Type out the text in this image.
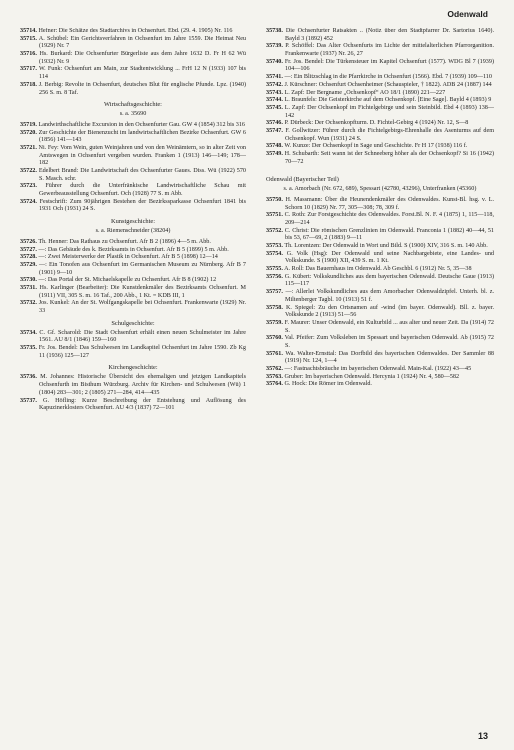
Odenwald

35714. Hefner: Die Schätze des Stadtarchivs in Ochsenfurt. Ebd. (29. 4. 1905) Nr. 116

35715. A. Schübel: Ein Gerichtsverfahren in Ochsenfurt im Jahre 1559. Die Heimat Neu (1929) Nr. 7

35716. Hs. Burkard: Die Ochsenfurter Bürgerliste aus dem Jahre 1632 D. Fr H 62 Wü (1932) Nr. 9

35717. W. Funk: Ochsenfurt am Main, zur Stadtentwicklung ... FrH 12 N (1933) 107 bis 114

35718. J. Berbig: Revolte in Ochsenfurt, deutsches Blut für englische Pfunde. Lpz. (1940) 256 S. m. 8 Taf.

Wirtschaftsgeschichte:
s. a. 35690

35719. Landwirthschaftliche Excursion in den Ochsenfurter Gau. GW 4 (1854) 312 bis 316

35720. Zur Geschichte der Bienenzucht im landwirtschaftlichen Bezirke Ochsenfurt. GW 6 (1856) 141—143

35721. Ni. Fey: Vom Wein, guten Weinjahren und von den Weinämtern, so in alter Zeit von Amtswegen in Ochsenfurt vergeben wurden. Franken 1 (1913) 146—149; 178—182

35722. Edelbert Brand: Die Landwirtschaft des Ochsenfurter Gaues. Diss. Wü (1922) 570 S. Masch. schr.

35723. Führer durch die Unterfränkische Landwirtschaftliche Schau mit Gewerbeausstellung Ochsenfurt. Och (1928) 77 S. m Abb.

35724. Festschrift: Zum 90jährigen Bestehen der Bezirkssparkasse Ochsenfurt 1841 bis 1931 Och (1931) 24 S.

Kunstgeschichte:
s. a. Riemenschneider (38204)

35726. Th. Henner: Das Rathaus zu Ochsenfurt. Afr B 2 (1896) 4—5 m. Abb.

35727. —: Das Gebäude des k. Bezirksamts in Ochsenfurt. Afr B 5 (1899) 5 m. Abb.

35728. —: Zwei Meisterwerke der Plastik in Ochsenfurt. Afr B 5 (1898) 12—14

35729. —: Ein Tonofen aus Ochsenfurt im Germanischen Museum zu Nürnberg. Afr B 7 (1901) 9—10

35730. —: Das Portal der St. Michaelskapelle zu Ochsenfurt. Afr B 8 (1902) 12

35731. Hs. Karlinger (Bearbeiter): Die Kunstdenkmäler des Bezirksamts Ochsenfurt. M (1911) VII, 305 S. m. 16 Taf., 200 Abb., 1 Kt. = KDB III, 1

35732. Jos. Kunkel: An der St. Wolfgangskapelle bei Ochsenfurt. Frankenwarte (1929) Nr. 33

Schulgeschichte:

35734. C. Gf. Scharold: Die Stadt Ochsenfurt erhält einen neuen Schulmeister im Jahre 1561. AU 8/1 (1846) 159—160

35735. Fr. Jos. Bendel: Das Schulwesen im Landkapitel Ochsenfurt im Jahre 1590. Zb Kg 11 (1936) 125—127

Kirchengeschichte:

35736. M. Johannes: Historische Übersicht des ehemaligen und jetzigen Landkapitels Ochsenfurth im Bisthum Würzburg. Archiv für Kirchen- und Schulwesen (Wü) 1 (1804) 283—301; 2 (1805) 271—284, 414—435

35737. G. Höfling: Kurze Beschreibung der Entstehung und Auflösung des Kapuzinerklosters Ochsenfurt. AU 4/3 (1837) 72—101

35738. Die Ochsenfurter Ratsakten .. (Notiz über den Stadtpfarrer Dr. Sartorius 1640). Bayld 3 (1892) 452

35739. P. Schöffel: Das Alter Ochsenfurts im Lichte der mittelalterlichen Pfarrorganition. Frankenwarte (1937) Nr. 26, 27

35740. Fr. Jos. Bendel: Die Türkensteuer im Kapitel Ochsenfurt (1577). WDG Bl 7 (1939) 104—106

35741. —: Ein Blitzschlag in die Pfarrkirche in Ochsenfurt (1566). Ebd. 7 (1939) 109—110

35742. J. Kürschner: Ochsenfurt Ochsenheimer (Schauspieler, † 1822). ADB 24 (1887) 144

35743. L. Zapf: Der Bergname „Ochsenkopf“ AO 18/1 (1890) 221—227

35744. L. Braunfels: Die Geisterkirche auf dem Ochsenkopf. [Eine Sage]. Bayld 4 (1893) 9

35745. L. Zapf: Der Ochsenkopf im Fichtelgebirge und sein Steinbild. Ebd 4 (1893) 138—142

35746. P. Dürbeck: Der Ochsenkopfturm. D. Fichtel-Gebirg 4 (1924) Nr. 12, S—8

35747. F. Gollwitzer: Führer durch die Fichtelgebirgs-Ehrenhalle des Asenturms auf dem Ochsenkopf. Wun (1931) 24 S.

35748. W. Kunze: Der Ochsenkopf in Sage und Geschichte. Fr H 17 (1938) 116 f.

35749. H. Schubarth: Seit wann ist der Schneeberg höher als der Ochsenkopf? Si 16 (1942) 70—72

Odenwald (Bayerischer Teil)
s. a. Amorbach (Nr. 672, 689), Spessart (42780, 43296), Unterfranken (45360)

35750. H. Massmann: Über die Heunendenkmäler des Odenwaldes. Kunst-Bl. hsg. v. L. Schorn 10 (1829) Nr. 77, 305—308; 78, 309 f.

35751. C. Roth: Zur Forstgeschichte des Odenwaldes. Forst.Bl. N. F. 4 (1875) 1, 115—118, 209—214

35752. C. Christ: Die römischen Grenzlinien im Odenwald. Franconia 1 (1882) 40—44, 51 bis 53, 67—69, 2 (1883) 9—11

35753. Th. Lorentzen: Der Odenwald in Wort und Bild. S (1900) XIV, 316 S. m. 140 Abb.

35754. G. Volk (Hsg): Der Odenwald und seine Nachbargebiete, eine Landes- und Volkskunde. S (1900) XII, 439 S. m. 1 Kt.

35755. A. Roll: Das Bauernhaus im Odenwald. Ab Geschbl. 6 (1912) Nr. 5, 35—38

35756. G. Kübert: Volkskundliches aus dem bayerischen Odenwald. Deutsche Gaue (1913) 115—117

35757. —: Allerlei Volkskundliches aus dem Amorbacher Odenwaldzipfel. Unterh. bl. z. Miltenberger Tagbl. 10 (1913) 51 f.

35758. K. Spiegel: Zu den Ortsnamen auf -wind (im bayer. Odenwald). Bll. z. bayer. Volkskunde 2 (1913) 51—56

35759. F. Maurer: Unser Odenwald, ein Kulturbild ... aus alter und neuer Zeit. Da (1914) 72 S.

35760. Val. Pfeifer: Zum Volksleben im Spessart und bayerischen Odenwald. Ab (1915) 72 S.

35761. Wa. Walter-Ernsttal: Das Dorfbild des bayerischen Odenwaldes. Der Sammler 88 (1919) Nr. 124, 1—4

35762. —: Fastnachtsbräuche im bayerischen Odenwald. Main-Kal. (1922) 43—45

35763. Gruber: Im bayerischen Odenwald. Hercynia 1 (1924) Nr. 4, 580—582

35764. G. Hock: Die Römer im Odenwald.

13
